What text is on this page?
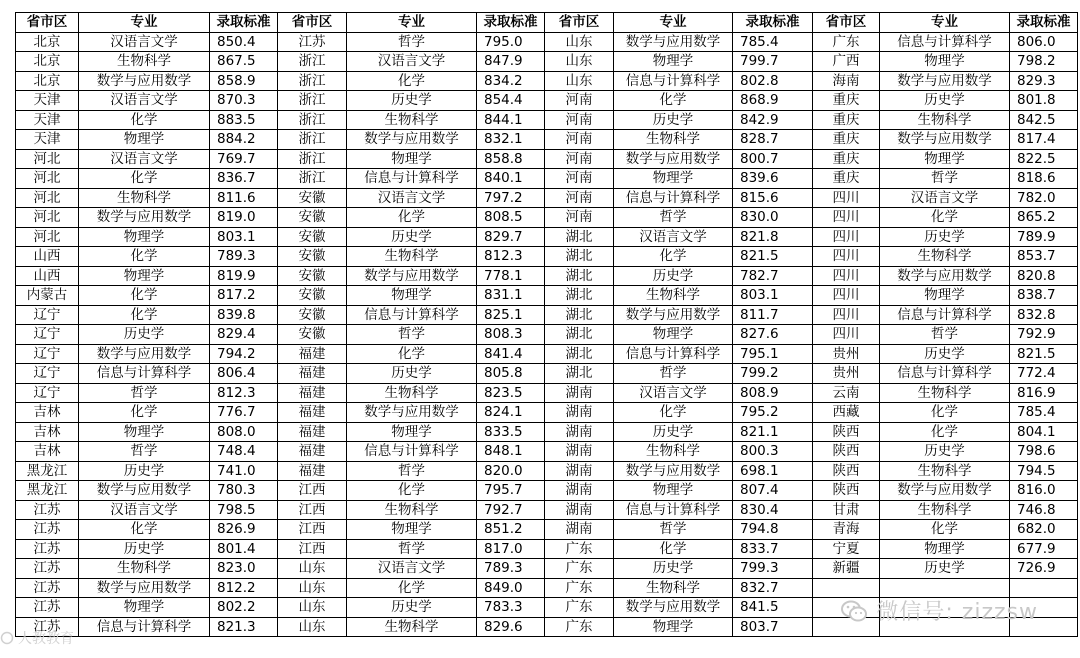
省市区	专业	录取标准	省市区	专业	录取标准	省市区	专业	录取标准	省市区	专业	录取标准
北京	汉语言文学	850.4	江苏	哲学	795.0	山东	数学与应用数学	785.4	广东	信息与计算科学	806.0
北京	生物科学	867.5	浙江	汉语言文学	847.9	山东	物理学	799.7	广西	物理学	798.2
北京	数学与应用数学	858.9	浙江	化学	834.2	山东	信息与计算科学	802.8	海南	数学与应用数学	829.3
天津	汉语言文学	870.3	浙江	历史学	854.4	河南	化学	868.9	重庆	历史学	801.8
天津	化学	883.5	浙江	生物科学	844.1	河南	历史学	842.9	重庆	生物科学	842.5
天津	物理学	884.2	浙江	数学与应用数学	832.1	河南	生物科学	828.7	重庆	数学与应用数学	817.4
河北	汉语言文学	769.7	浙江	物理学	858.8	河南	数学与应用数学	800.7	重庆	物理学	822.5
河北	化学	836.7	浙江	信息与计算科学	840.1	河南	物理学	839.6	重庆	哲学	818.6
河北	生物科学	811.6	安徽	汉语言文学	797.2	河南	信息与计算科学	815.6	四川	汉语言文学	782.0
河北	数学与应用数学	819.0	安徽	化学	808.5	河南	哲学	830.0	四川	化学	865.2
河北	物理学	803.1	安徽	历史学	829.7	湖北	汉语言文学	821.8	四川	历史学	789.9
山西	化学	789.3	安徽	生物科学	812.3	湖北	化学	821.5	四川	生物科学	853.7
山西	物理学	819.9	安徽	数学与应用数学	778.1	湖北	历史学	782.7	四川	数学与应用数学	820.8
内蒙古	化学	817.2	安徽	物理学	831.1	湖北	生物科学	803.1	四川	物理学	838.7
辽宁	化学	839.8	安徽	信息与计算科学	825.1	湖北	数学与应用数学	811.7	四川	信息与计算科学	832.8
辽宁	历史学	829.4	安徽	哲学	808.3	湖北	物理学	827.6	四川	哲学	792.9
辽宁	数学与应用数学	794.2	福建	化学	841.4	湖北	信息与计算科学	795.1	贵州	历史学	821.5
辽宁	信息与计算科学	806.4	福建	历史学	805.8	湖北	哲学	799.2	贵州	信息与计算科学	772.4
辽宁	哲学	812.3	福建	生物科学	823.5	湖南	汉语言文学	808.9	云南	生物科学	816.9
吉林	化学	776.7	福建	数学与应用数学	824.1	湖南	化学	795.2	西藏	化学	785.4
吉林	物理学	808.0	福建	物理学	833.5	湖南	历史学	821.1	陕西	化学	804.1
吉林	哲学	748.4	福建	信息与计算科学	848.1	湖南	生物科学	800.3	陕西	历史学	798.6
黑龙江	历史学	741.0	福建	哲学	820.0	湖南	数学与应用数学	698.1	陕西	生物科学	794.5
黑龙江	数学与应用数学	780.3	江西	化学	795.7	湖南	物理学	807.4	陕西	数学与应用数学	816.0
江苏	汉语言文学	798.5	江西	生物科学	792.7	湖南	信息与计算科学	830.4	甘肃	生物科学	746.8
江苏	化学	826.9	江西	物理学	851.2	湖南	哲学	794.8	青海	化学	682.0
江苏	历史学	801.4	江西	哲学	817.0	广东	化学	833.7	宁夏	物理学	677.9
江苏	生物科学	823.0	山东	汉语言文学	789.3	广东	历史学	799.3	新疆	历史学	726.9
江苏	数学与应用数学	812.2	山东	化学	849.0	广东	生物科学	832.7			
江苏	物理学	802.2	山东	历史学	783.3	广东	数学与应用数学	841.5			
江苏	信息与计算科学	821.3	山东	生物科学	829.6	广东	物理学	803.7			
微信号: zizzsw
人教教育
